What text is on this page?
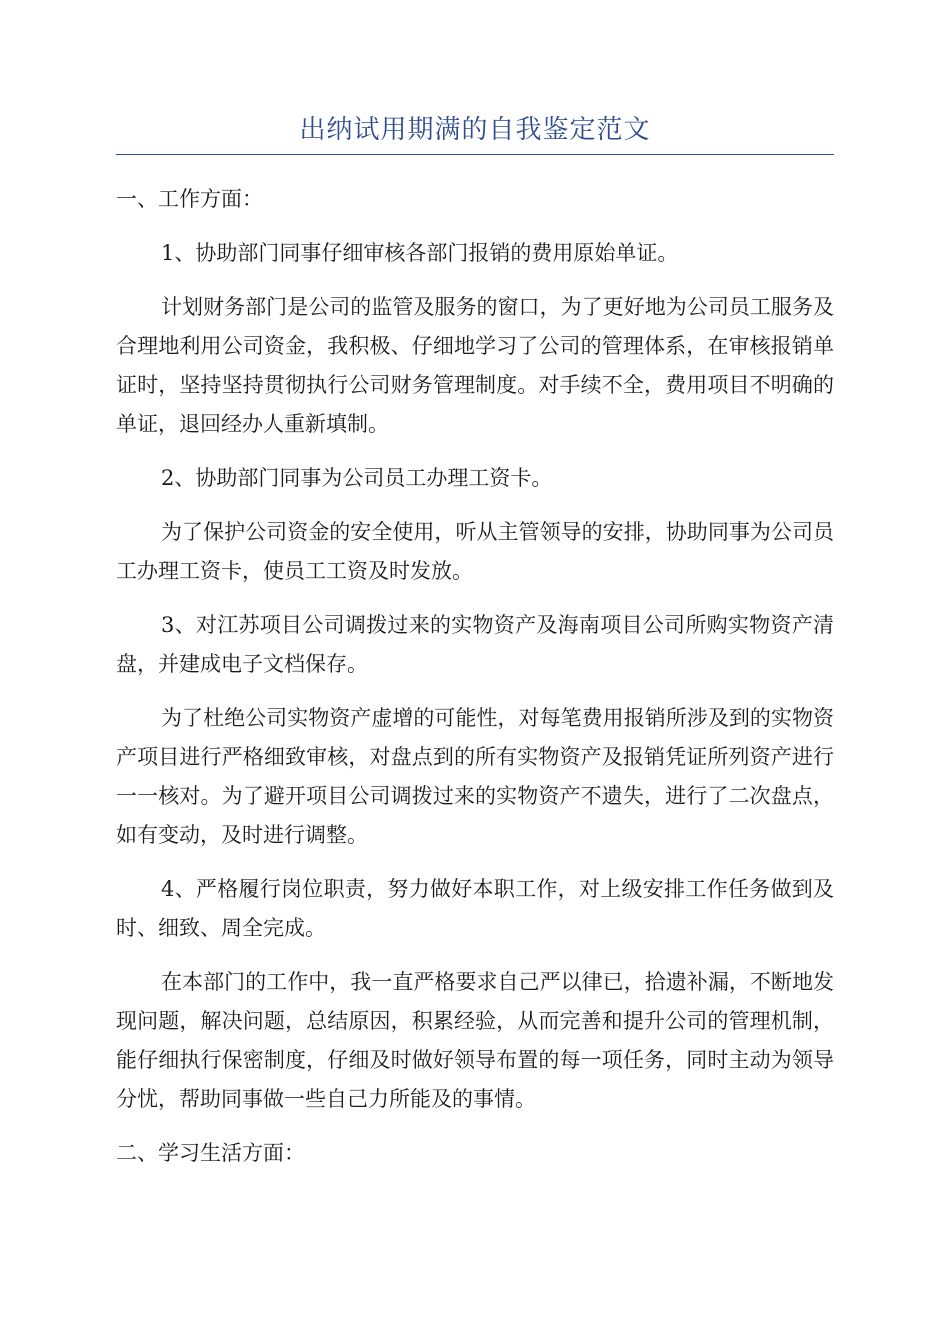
出纳试用期满的自我鉴定范文

一、工作方面：

1、协助部门同事仔细审核各部门报销的费用原始单证。

计划财务部门是公司的监管及服务的窗口，为了更好地为公司员工服务及合理地利用公司资金，我积极、仔细地学习了公司的管理体系，在审核报销单证时，坚持坚持贯彻执行公司财务管理制度。对手续不全，费用项目不明确的单证，退回经办人重新填制。

2、协助部门同事为公司员工办理工资卡。

为了保护公司资金的安全使用，听从主管领导的安排，协助同事为公司员工办理工资卡，使员工工资及时发放。

3、对江苏项目公司调拨过来的实物资产及海南项目公司所购实物资产清盘，并建成电子文档保存。

为了杜绝公司实物资产虚增的可能性，对每笔费用报销所涉及到的实物资产项目进行严格细致审核，对盘点到的所有实物资产及报销凭证所列资产进行一一核对。为了避开项目公司调拨过来的实物资产不遗失，进行了二次盘点，如有变动，及时进行调整。

4、严格履行岗位职责，努力做好本职工作，对上级安排工作任务做到及时、细致、周全完成。

在本部门的工作中，我一直严格要求自己严以律已，拾遗补漏，不断地发现问题，解决问题，总结原因，积累经验，从而完善和提升公司的管理机制，能仔细执行保密制度，仔细及时做好领导布置的每一项任务，同时主动为领导分忧，帮助同事做一些自己力所能及的事情。

二、学习生活方面：
